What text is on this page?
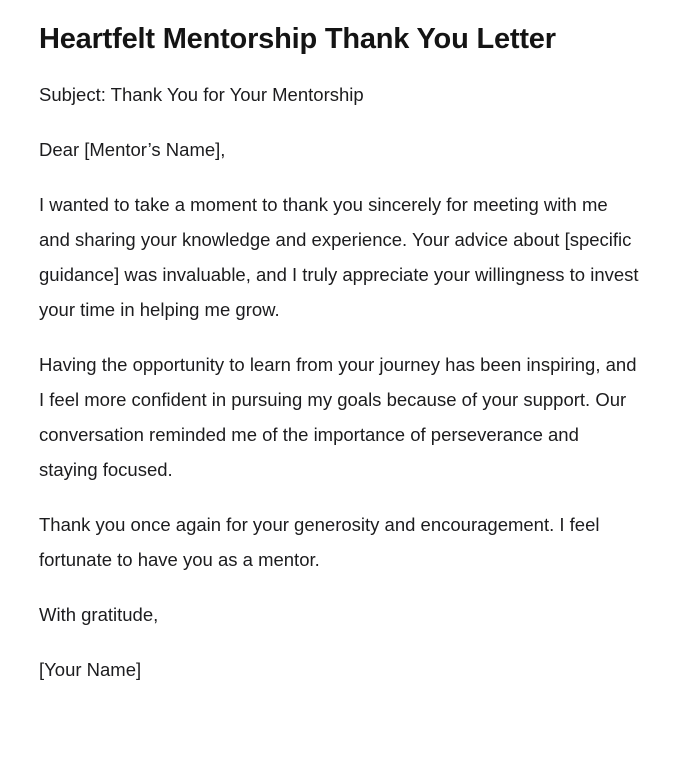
Heartfelt Mentorship Thank You Letter

Subject: Thank You for Your Mentorship

Dear [Mentor’s Name],

I wanted to take a moment to thank you sincerely for meeting with me and sharing your knowledge and experience. Your advice about [specific guidance] was invaluable, and I truly appreciate your willingness to invest your time in helping me grow.

Having the opportunity to learn from your journey has been inspiring, and I feel more confident in pursuing my goals because of your support. Our conversation reminded me of the importance of perseverance and staying focused.

Thank you once again for your generosity and encouragement. I feel fortunate to have you as a mentor.

With gratitude,

[Your Name]
